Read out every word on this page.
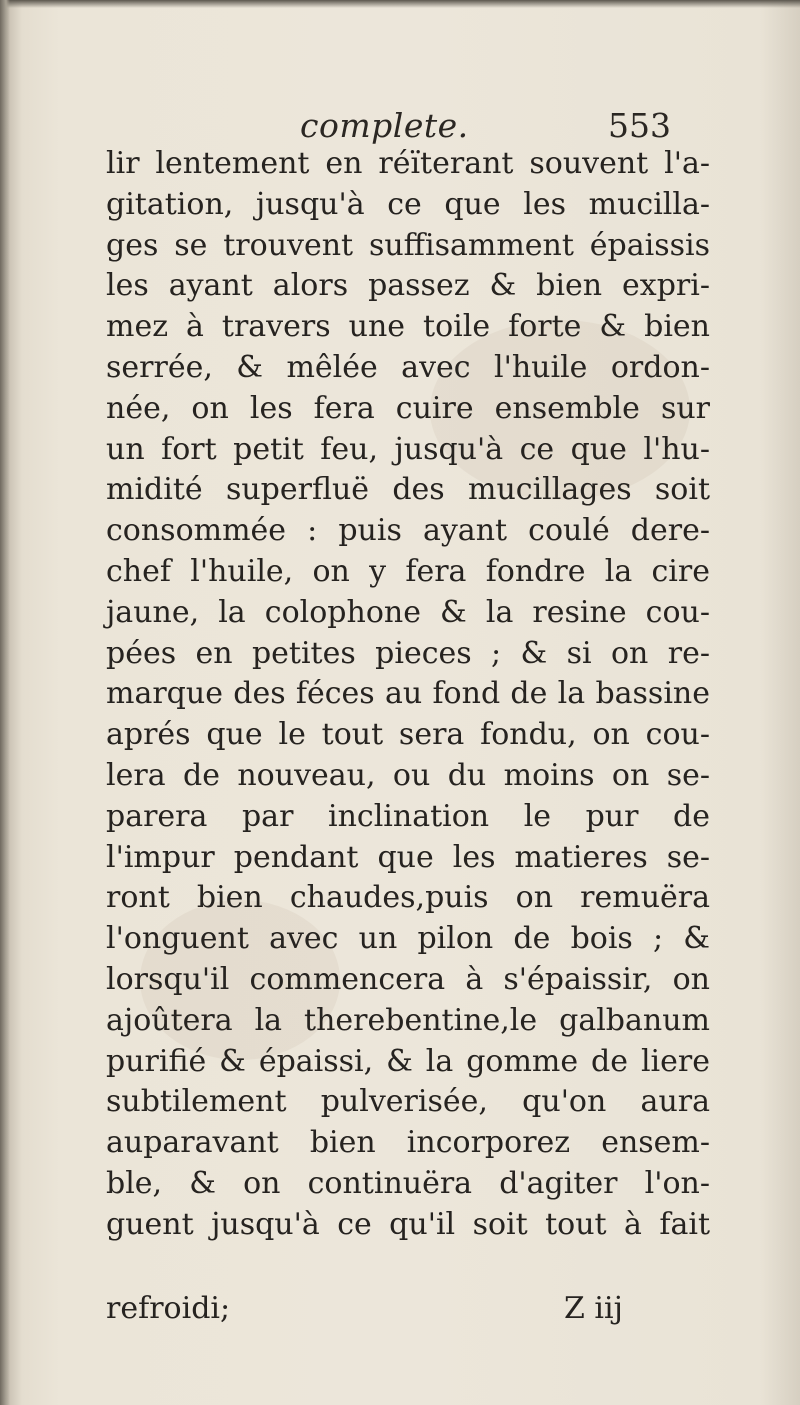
complete.	553
lir lentement en réïterant souvent l'a-
gitation, jusqu'à ce que les mucilla-
ges se trouvent suffisamment épaissis
les ayant alors passez & bien expri-
mez à travers une toile forte & bien
serrée, & mêlée avec l'huile ordon-
née, on les fera cuire ensemble sur
un fort petit feu, jusqu'à ce que l'hu-
midité superfluë des mucillages soit
consommée : puis ayant coulé dere-
chef l'huile, on y fera fondre la cire
jaune, la colophone & la resine cou-
pées en petites pieces ; & si on re-
marque des féces au fond de la bassine
aprés que le tout sera fondu, on cou-
lera de nouveau, ou du moins on se-
parera par inclination le pur de
l'impur pendant que les matieres se-
ront bien chaudes,puis on remuëra
l'onguent avec un pilon de bois ; &
lorsqu'il commencera à s'épaissir, on
ajoûtera la therebentine,le galbanum
purifié & épaissi, & la gomme de liere
subtilement pulverisée, qu'on aura
auparavant bien incorporez ensem-
ble, & on continuëra d'agiter l'on-
guent jusqu'à ce qu'il soit tout à fait
refroidi;	Z iij
